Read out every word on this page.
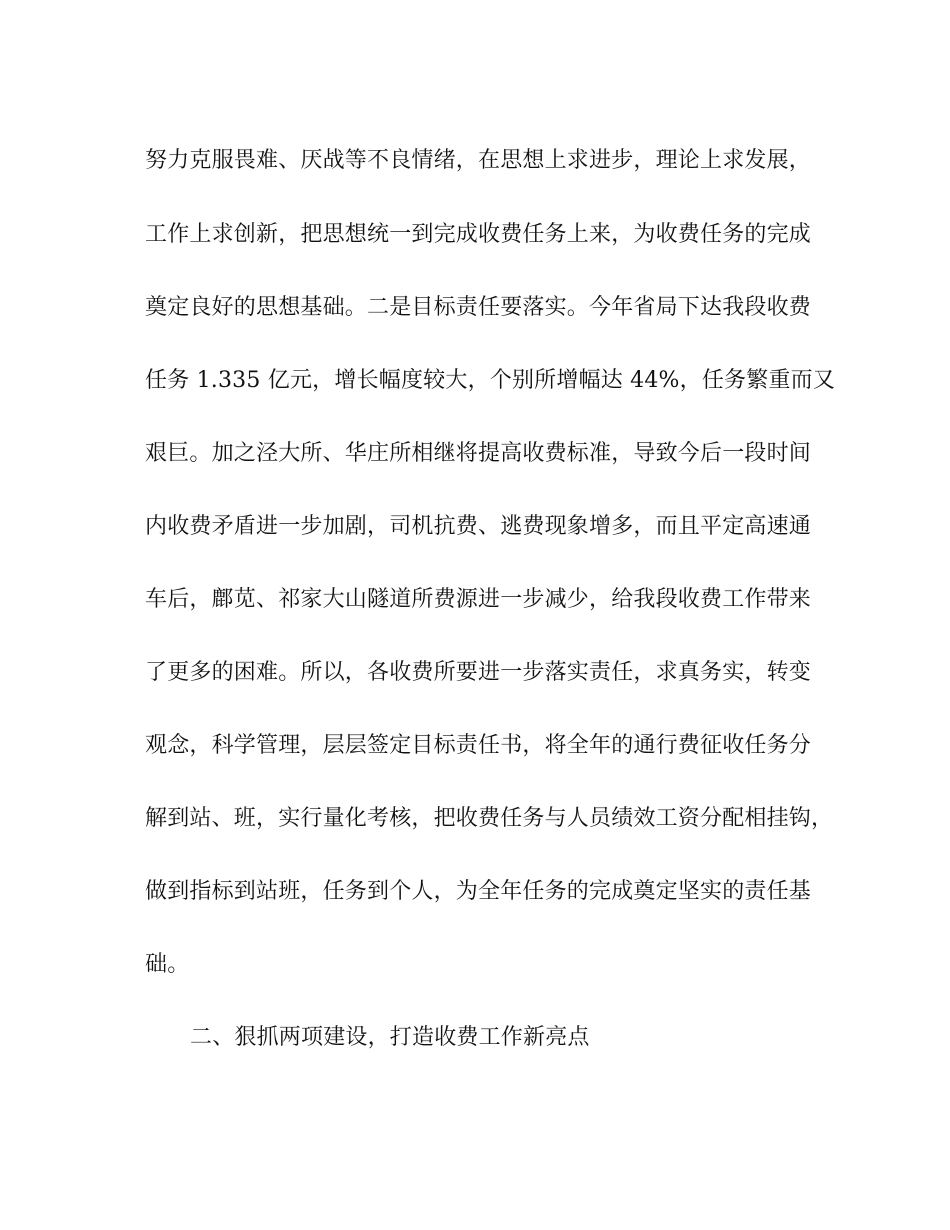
努力克服畏难、厌战等不良情绪，在思想上求进步，理论上求发展，
工作上求创新，把思想统一到完成收费任务上来，为收费任务的完成
奠定良好的思想基础。二是目标责任要落实。今年省局下达我段收费
任务 1.335 亿元，增长幅度较大，个别所增幅达 44%，任务繁重而又
艰巨。加之泾大所、华庄所相继将提高收费标准，导致今后一段时间
内收费矛盾进一步加剧，司机抗费、逃费现象增多，而且平定高速通
车后，鄜苋、祁家大山隧道所费源进一步减少，给我段收费工作带来
了更多的困难。所以，各收费所要进一步落实责任，求真务实，转变
观念，科学管理，层层签定目标责任书，将全年的通行费征收任务分
解到站、班，实行量化考核，把收费任务与人员绩效工资分配相挂钩，
做到指标到站班，任务到个人，为全年任务的完成奠定坚实的责任基
础。
二、狠抓两项建设，打造收费工作新亮点
